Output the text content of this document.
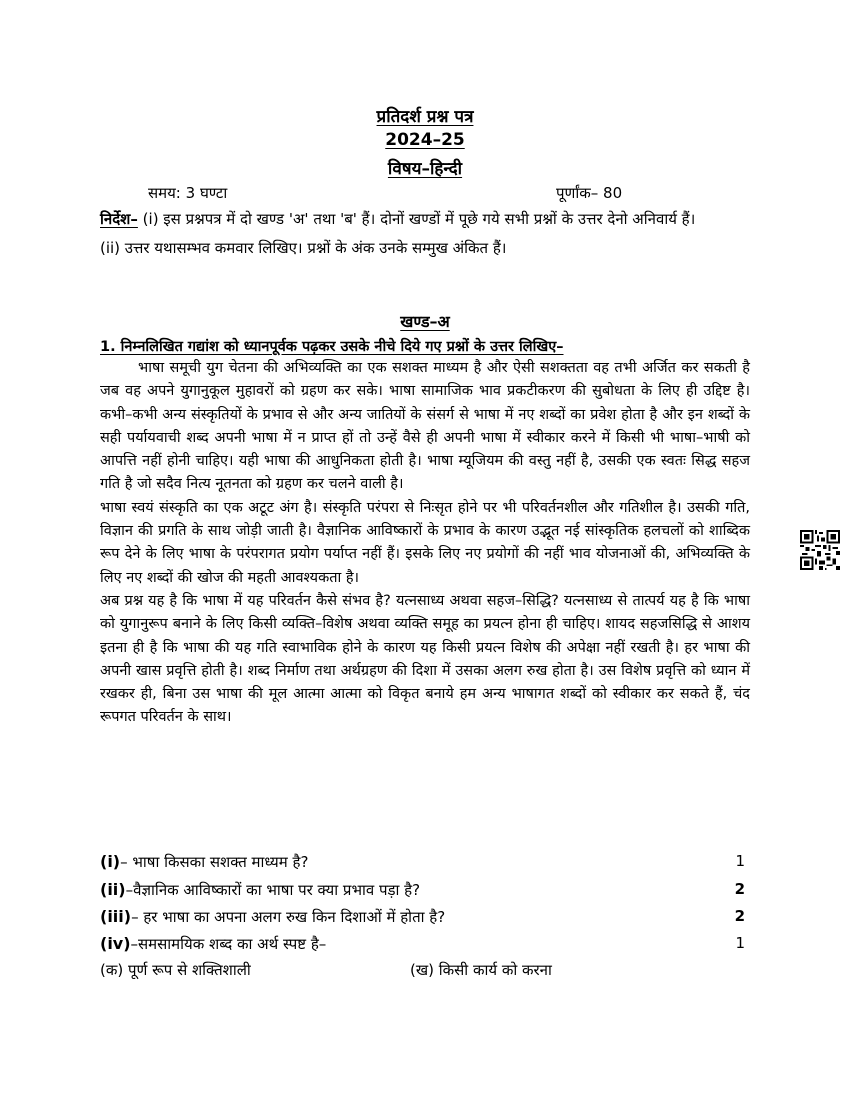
प्रतिदर्श प्रश्न पत्र
2024–25
विषय–हिन्दी
समय: 3 घण्टा	पूर्णांक– 80

निर्देश– (i) इस प्रश्नपत्र में दो खण्ड 'अ' तथा 'ब' हैं। दोनों खण्डों में पूछे गये सभी प्रश्नों के उत्तर देनो अनिवार्य हैं।

(ii) उत्तर यथासम्भव कमवार लिखिए। प्रश्नों के अंक उनके सम्मुख अंकित हैं।

खण्ड–अ
1. निम्नलिखित गद्यांश को ध्यानपूर्वक पढ़कर उसके नीचे दिये गए प्रश्नों के उत्तर लिखिए–

भाषा समूची युग चेतना की अभिव्यक्ति का एक सशक्त माध्यम है और ऐसी सशक्तता वह तभी अर्जित कर सकती है जब वह अपने युगानुकूल मुहावरों को ग्रहण कर सके। भाषा सामाजिक भाव प्रकटीकरण की सुबोधता के लिए ही उद्दिष्ट है। कभी–कभी अन्य संस्कृतियों के प्रभाव से और अन्य जातियों के संसर्ग से भाषा में नए शब्दों का प्रवेश होता है और इन शब्दों के सही पर्यायवाची शब्द अपनी भाषा में न प्राप्त हों तो उन्हें वैसे ही अपनी भाषा में स्वीकार करने में किसी भी भाषा–भाषी को आपत्ति नहीं होनी चाहिए। यही भाषा की आधुनिकता होती है। भाषा म्यूजियम की वस्तु नहीं है, उसकी एक स्वतः सिद्ध सहज गति है जो सदैव नित्य नूतनता को ग्रहण कर चलने वाली है।

भाषा स्वयं संस्कृति का एक अटूट अंग है। संस्कृति परंपरा से निःसृत होने पर भी परिवर्तनशील और गतिशील है। उसकी गति, विज्ञान की प्रगति के साथ जोड़ी जाती है। वैज्ञानिक आविष्कारों के प्रभाव के कारण उद्भूत नई सांस्कृतिक हलचलों को शाब्दिक रूप देने के लिए भाषा के परंपरागत प्रयोग पर्याप्त नहीं हैं। इसके लिए नए प्रयोगों की नहीं भाव योजनाओं की, अभिव्यक्ति के लिए नए शब्दों की खोज की महती आवश्यकता है।

अब प्रश्न यह है कि भाषा में यह परिवर्तन कैसे संभव है? यत्नसाध्य अथवा सहज–सिद्धि? यत्नसाध्य से तात्पर्य यह है कि भाषा को युगानुरूप बनाने के लिए किसी व्यक्ति–विशेष अथवा व्यक्ति समूह का प्रयत्न होना ही चाहिए। शायद सहजसिद्धि से आशय इतना ही है कि भाषा की यह गति स्वाभाविक होने के कारण यह किसी प्रयत्न विशेष की अपेक्षा नहीं रखती है। हर भाषा की अपनी खास प्रवृत्ति होती है। शब्द निर्माण तथा अर्थग्रहण की दिशा में उसका अलग रुख होता है। उस विशेष प्रवृत्ति को ध्यान में रखकर ही, बिना उस भाषा की मूल आत्मा आत्मा को विकृत बनाये हम अन्य भाषागत शब्दों को स्वीकार कर सकते हैं, चंद रूपगत परिवर्तन के साथ।

(i)– भाषा किसका सशक्त माध्यम है?	1
(ii)–वैज्ञानिक आविष्कारों का भाषा पर क्या प्रभाव पड़ा है?	2
(iii)– हर भाषा का अपना अलग रुख किन दिशाओं में होता है?	2
(iv)–समसामयिक शब्द का अर्थ स्पष्ट है–	1
(क) पूर्ण रूप से शक्तिशाली	(ख) किसी कार्य को करना
